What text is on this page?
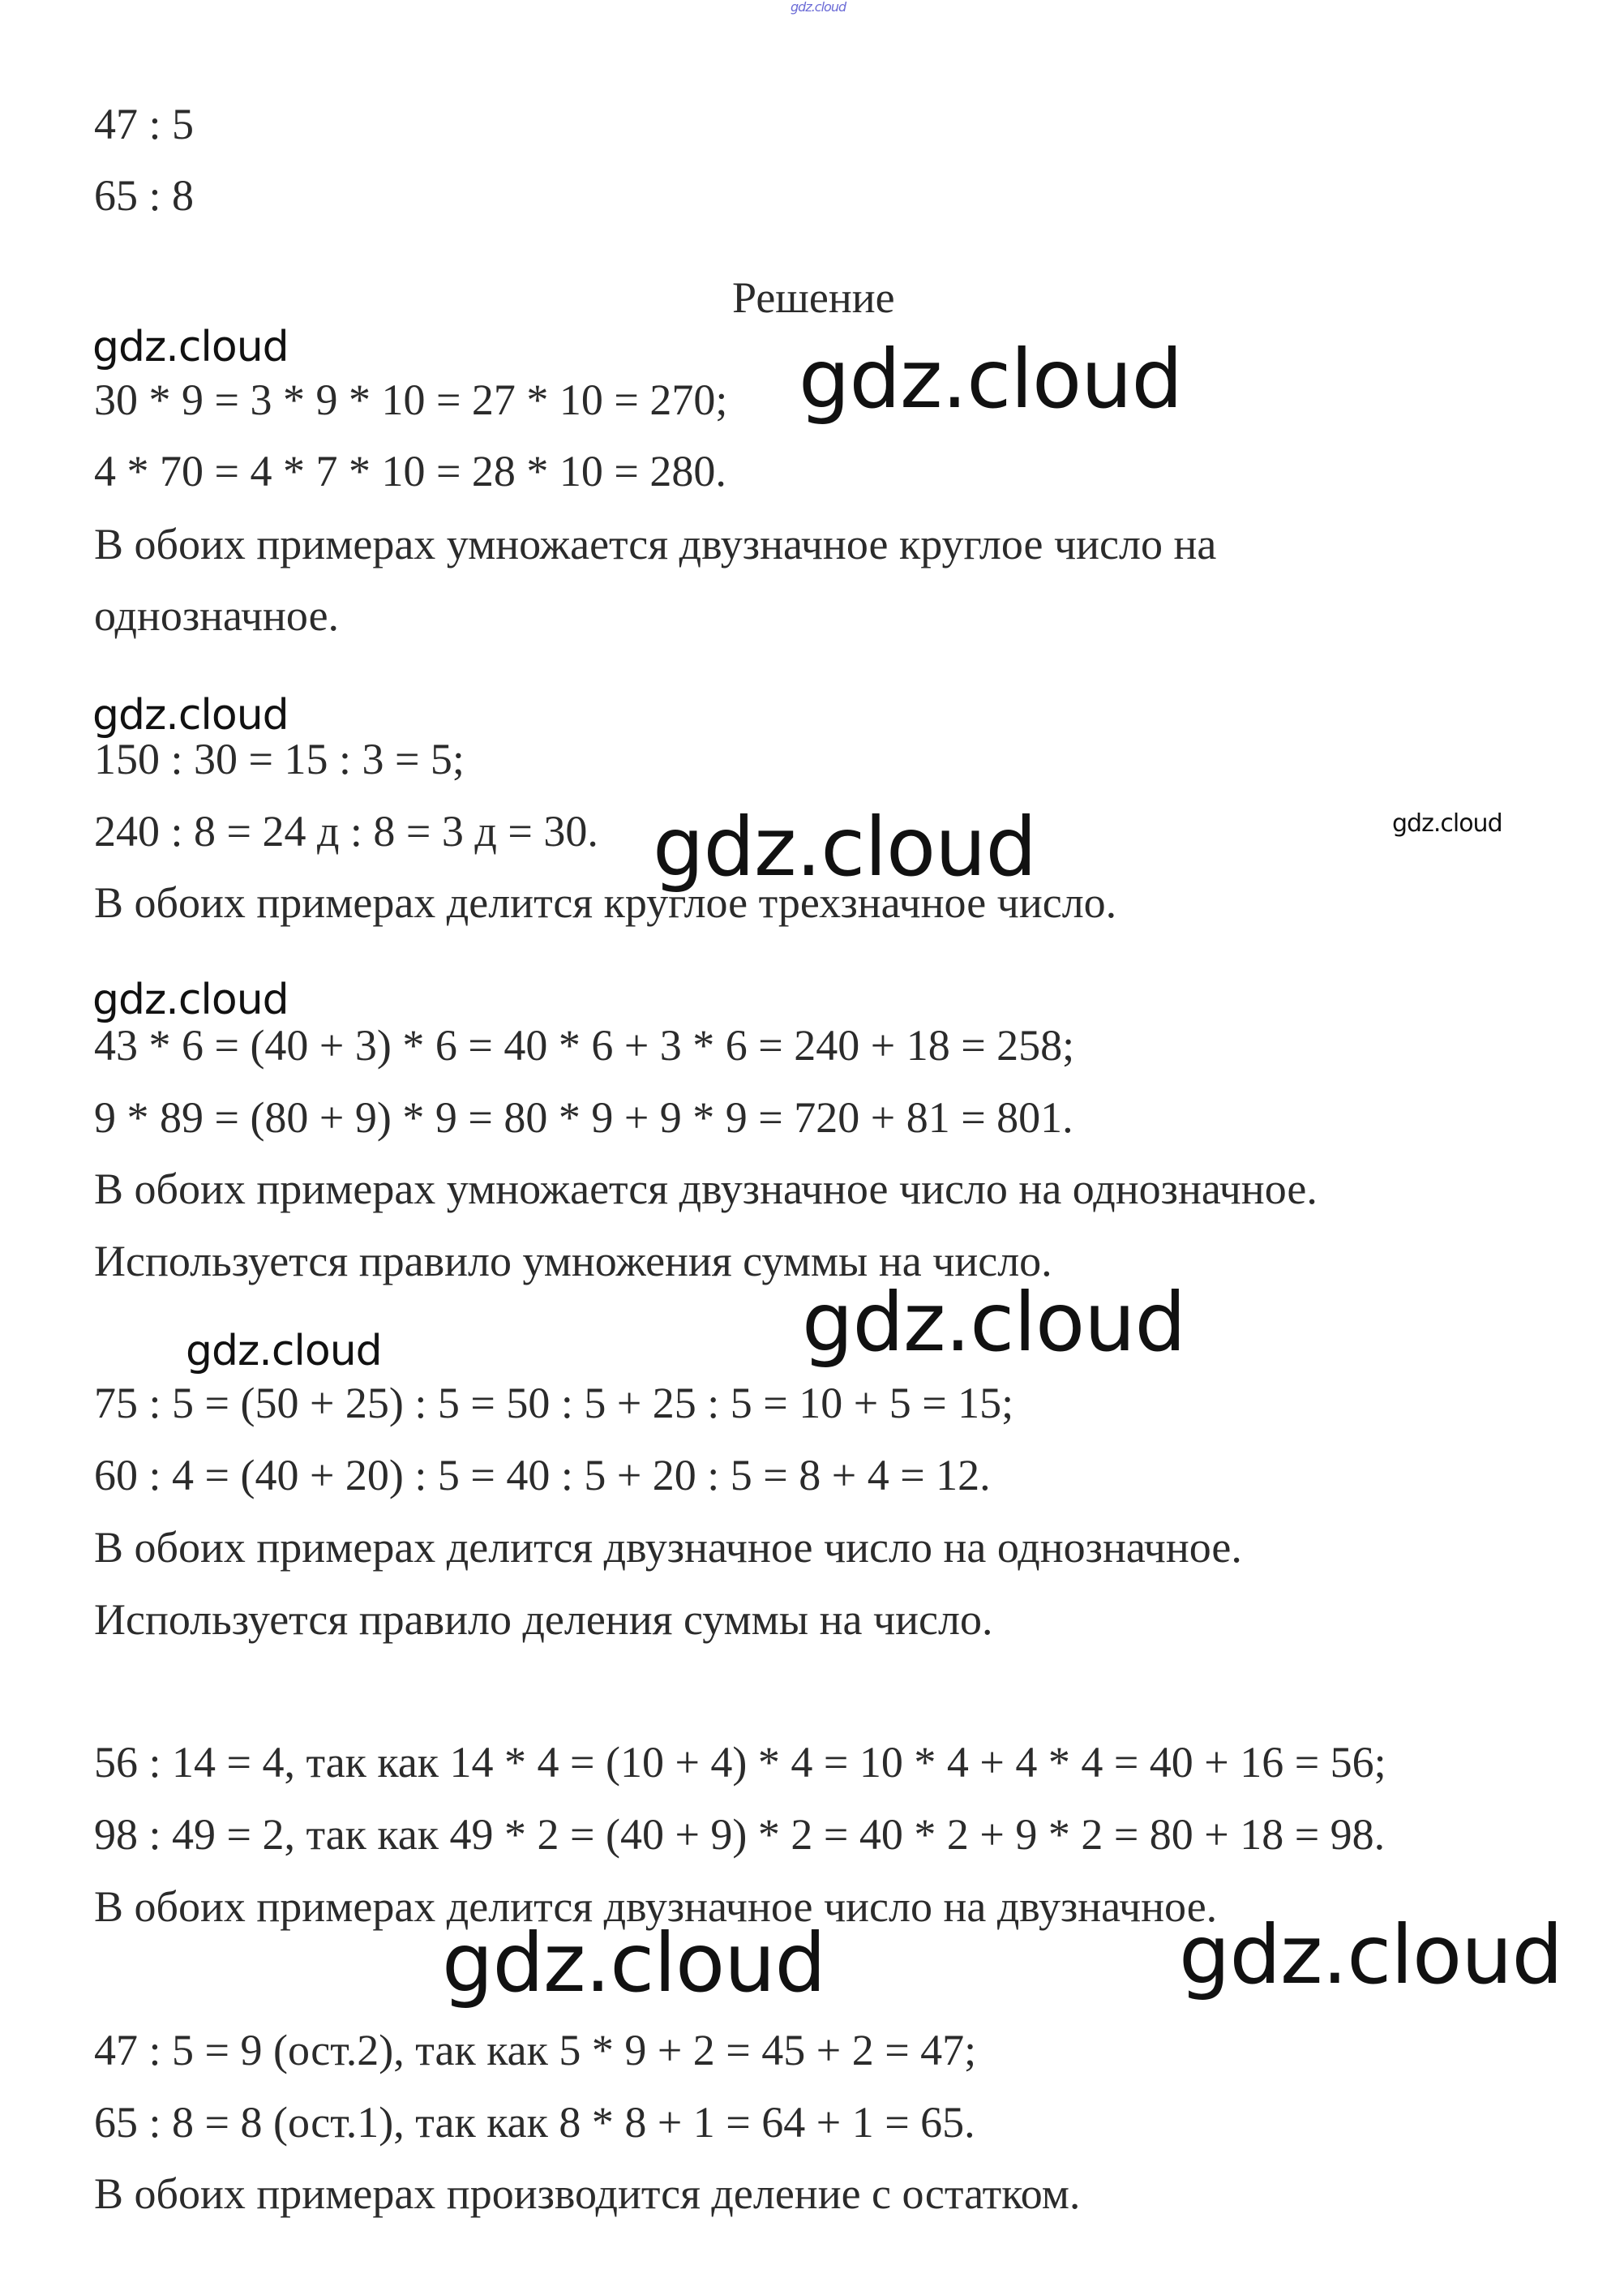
gdz.cloud
47 : 5
65 : 8
Решение
gdz.cloud
30 * 9 = 3 * 9 * 10 = 27 * 10 = 270; gdz.cloud
4 * 70 = 4 * 7 * 10 = 28 * 10 = 280.
В обоих примерах умножается двузначное круглое число на
однозначное.
gdz.cloud
150 : 30 = 15 : 3 = 5;
240 : 8 = 24 д : 8 = 3 д = 30. gdz.cloud	gdz.cloud
В обоих примерах делится круглое трехзначное число.
gdz.cloud
43 * 6 = (40 + 3) * 6 = 40 * 6 + 3 * 6 = 240 + 18 = 258;
9 * 89 = (80 + 9) * 9 = 80 * 9 + 9 * 9 = 720 + 81 = 801.
В обоих примерах умножается двузначное число на однозначное.
Используется правило умножения суммы на число.
gdz.cloud
gdz.cloud
75 : 5 = (50 + 25) : 5 = 50 : 5 + 25 : 5 = 10 + 5 = 15;
60 : 4 = (40 + 20) : 5 = 40 : 5 + 20 : 5 = 8 + 4 = 12.
В обоих примерах делится двузначное число на однозначное.
Используется правило деления суммы на число.
56 : 14 = 4, так как 14 * 4 = (10 + 4) * 4 = 10 * 4 + 4 * 4 = 40 + 16 = 56;
98 : 49 = 2, так как 49 * 2 = (40 + 9) * 2 = 40 * 2 + 9 * 2 = 80 + 18 = 98.
В обоих примерах делится двузначное число на двузначное.
gdz.cloud	gdz.cloud
47 : 5 = 9 (ост.2), так как 5 * 9 + 2 = 45 + 2 = 47;
65 : 8 = 8 (ост.1), так как 8 * 8 + 1 = 64 + 1 = 65.
В обоих примерах производится деление с остатком.
